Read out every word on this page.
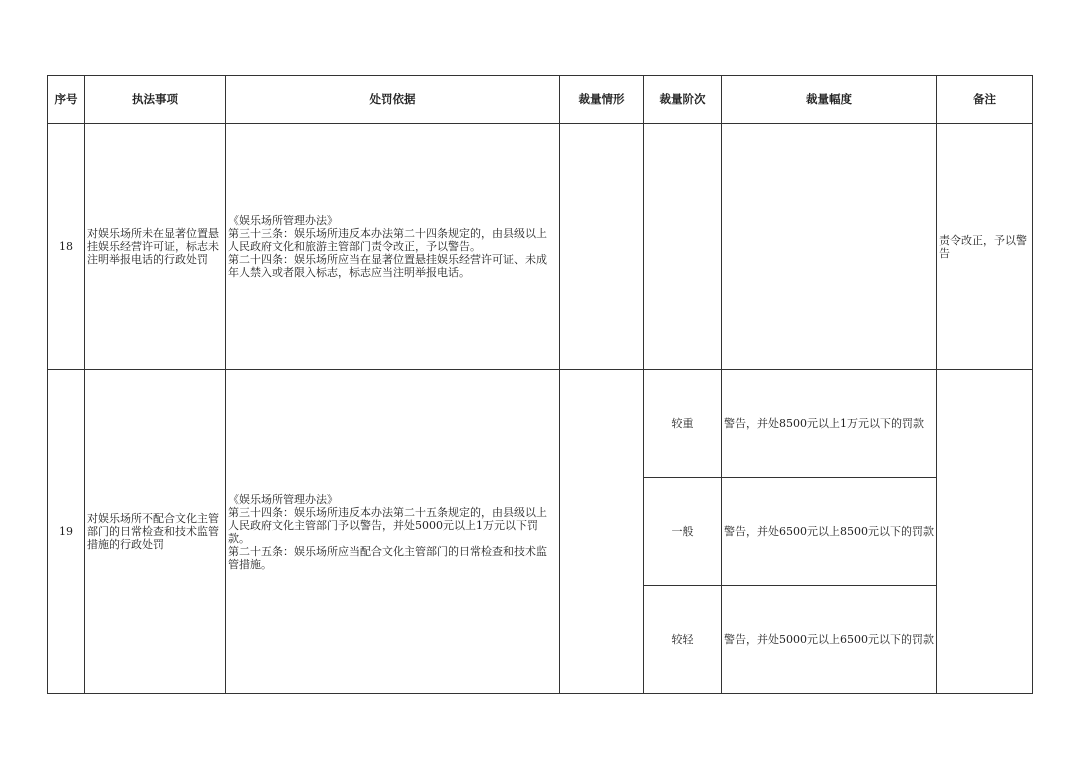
序号	执法事项	处罚依据	裁量情形	裁量阶次	裁量幅度	备注
18	对娱乐场所未在显著位置悬挂娱乐经营许可证，标志未注明举报电话的行政处罚	《娱乐场所管理办法》
第三十三条：娱乐场所违反本办法第二十四条规定的，由县级以上人民政府文化和旅游主管部门责令改正，予以警告。
第二十四条：娱乐场所应当在显著位置悬挂娱乐经营许可证、未成年人禁入或者限入标志，标志应当注明举报电话。				责令改正，予以警告
19	对娱乐场所不配合文化主管部门的日常检查和技术监管措施的行政处罚	《娱乐场所管理办法》
第三十四条：娱乐场所违反本办法第二十五条规定的，由县级以上人民政府文化主管部门予以警告，并处5000元以上1万元以下罚款。
第二十五条：娱乐场所应当配合文化主管部门的日常检查和技术监管措施。		较重	警告，并处8500元以上1万元以下的罚款	
				一般	警告，并处6500元以上8500元以下的罚款	
				较轻	警告，并处5000元以上6500元以下的罚款	
